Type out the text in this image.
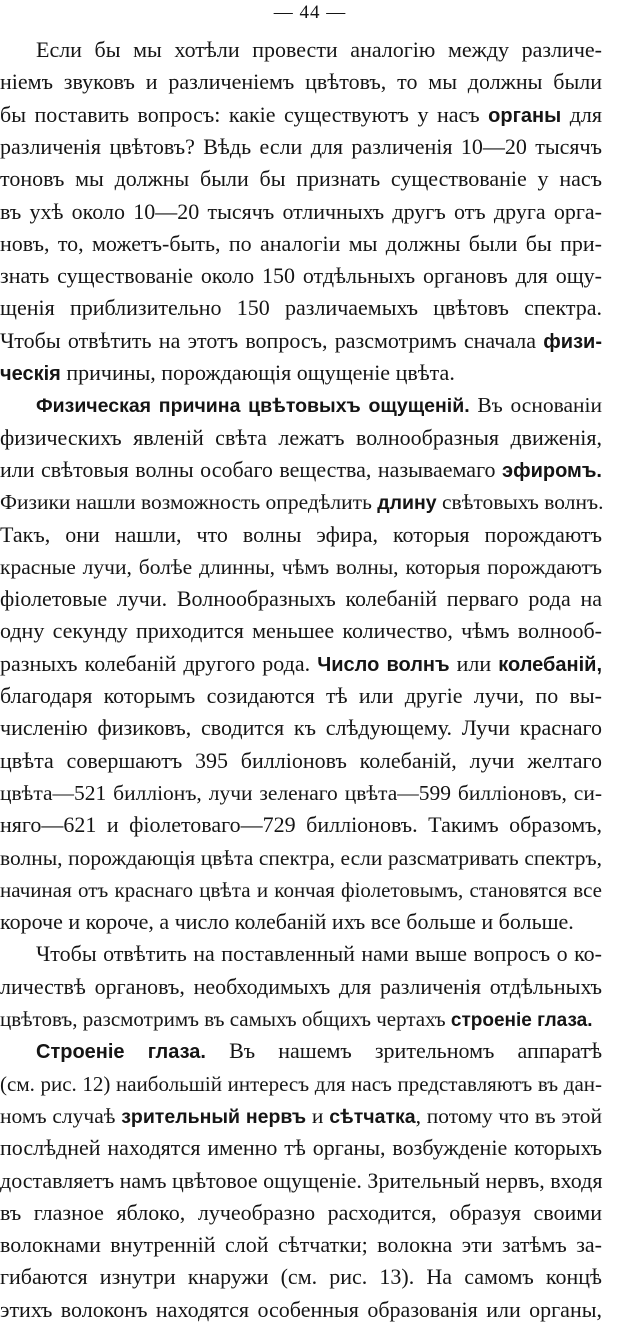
— 44 —
Если бы мы хотѣли провести аналогію между различе-
ніемъ звуковъ и различеніемъ цвѣтовъ, то мы должны были
бы поставить вопросъ: какіе существуютъ у насъ органы для
различенія цвѣтовъ? Вѣдь если для различенія 10—20 тысячъ
тоновъ мы должны были бы признать существованіе у насъ
въ ухѣ около 10—20 тысячъ отличныхъ другъ отъ друга орга-
новъ, то, можетъ-быть, по аналогіи мы должны были бы при-
знать существованіе около 150 отдѣльныхъ органовъ для ощу-
щенія приблизительно 150 различаемыхъ цвѣтовъ спектра.
Чтобы отвѣтить на этотъ вопросъ, разсмотримъ сначала физи-
ческія причины, порождающія ощущеніе цвѣта.
Физическая причина цвѣтовыхъ ощущеній. Въ основаніи
физическихъ явленій свѣта лежатъ волнообразныя движенія,
или свѣтовыя волны особаго вещества, называемаго эфиромъ.
Физики нашли возможность опредѣлить длину свѣтовыхъ волнъ.
Такъ, они нашли, что волны эфира, которыя порождаютъ
красные лучи, болѣе длинны, чѣмъ волны, которыя порождаютъ
фіолетовые лучи. Волнообразныхъ колебаній перваго рода на
одну секунду приходится меньшее количество, чѣмъ волнооб-
разныхъ колебаній другого рода. Число волнъ или колебаній,
благодаря которымъ созидаются тѣ или другіе лучи, по вы-
численію физиковъ, сводится къ слѣдующему. Лучи краснаго
цвѣта совершаютъ 395 билліоновъ колебаній, лучи желтаго
цвѣта—521 билліонъ, лучи зеленаго цвѣта—599 билліоновъ, си-
няго—621 и фіолетоваго—729 билліоновъ. Такимъ образомъ,
волны, порождающія цвѣта спектра, если разсматривать спектръ,
начиная отъ краснаго цвѣта и кончая фіолетовымъ, становятся все
короче и короче, а число колебаній ихъ все больше и больше.
Чтобы отвѣтить на поставленный нами выше вопросъ о ко-
личествѣ органовъ, необходимыхъ для различенія отдѣльныхъ
цвѣтовъ, разсмотримъ въ самыхъ общихъ чертахъ строеніе глаза.
Строеніе глаза. Въ нашемъ зрительномъ аппаратѣ
(см. рис. 12) наибольшій интересъ для насъ представляютъ въ дан-
номъ случаѣ зрительный нервъ и сѣтчатка, потому что въ этой
послѣдней находятся именно тѣ органы, возбужденіе которыхъ
доставляетъ намъ цвѣтовое ощущеніе. Зрительный нервъ, входя
въ глазное яблоко, лучеобразно расходится, образуя своими
волокнами внутренній слой сѣтчатки; волокна эти затѣмъ за-
гибаются изнутри кнаружи (см. рис. 13). На самомъ концѣ
этихъ волоконъ находятся особенныя образованія или органы,
